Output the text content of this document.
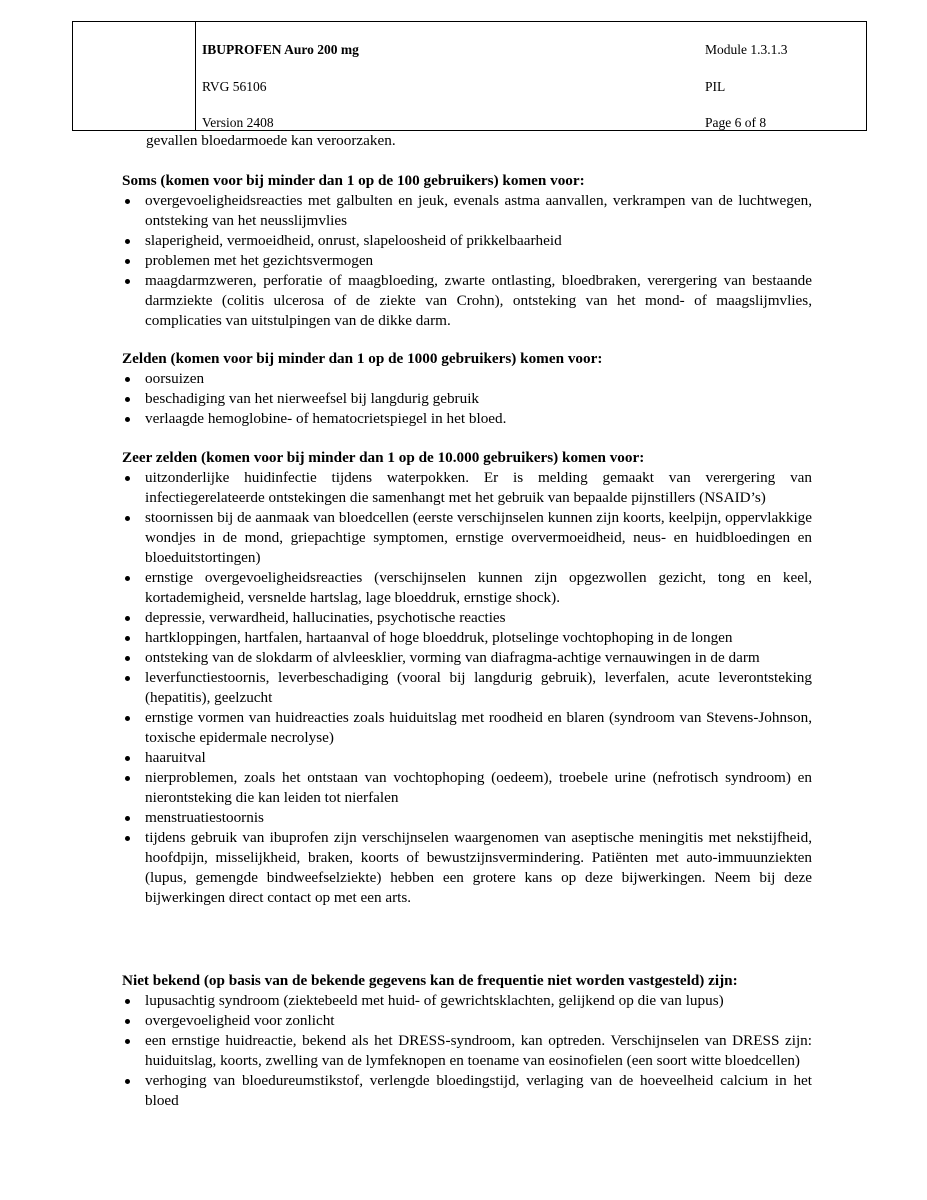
IBUPROFEN Auro 200 mg
RVG 56106
Version 2408
Module 1.3.1.3
PIL
Page 6 of 8
gevallen bloedarmoede kan veroorzaken.
Soms (komen voor bij minder dan 1 op de 100 gebruikers) komen voor:
overgevoeligheidsreacties met galbulten en jeuk, evenals astma aanvallen, verkrampen van de luchtwegen, ontsteking van het neusslijmvlies
slaperigheid, vermoeidheid, onrust, slapeloosheid of prikkelbaarheid
problemen met het gezichtsvermogen
maagdarmzweren, perforatie of maagbloeding, zwarte ontlasting, bloedbraken, verergering van bestaande darmziekte (colitis ulcerosa of de ziekte van Crohn), ontsteking van het mond- of maagslijmvlies, complicaties van uitstulpingen van de dikke darm.
Zelden (komen voor bij minder dan 1 op de 1000 gebruikers) komen voor:
oorsuizen
beschadiging van het nierweefsel bij langdurig gebruik
verlaagde hemoglobine- of hematocrietspiegel in het bloed.
Zeer zelden (komen voor bij minder dan 1 op de 10.000 gebruikers) komen voor:
uitzonderlijke huidinfectie tijdens waterpokken. Er is melding gemaakt van verergering van infectiegerelateerde ontstekingen die samenhangt met het gebruik van bepaalde pijnstillers (NSAID’s)
stoornissen bij de aanmaak van bloedcellen (eerste verschijnselen kunnen zijn koorts, keelpijn, oppervlakkige wondjes in de mond, griepachtige symptomen, ernstige oververmoeidheid, neus- en huidbloedingen en bloeduitstortingen)
ernstige overgevoeligheidsreacties (verschijnselen kunnen zijn opgezwollen gezicht, tong en keel, kortademigheid, versnelde hartslag, lage bloeddruk, ernstige shock).
depressie, verwardheid, hallucinaties, psychotische reacties
hartkloppingen, hartfalen, hartaanval of hoge bloeddruk, plotselinge vochtophoping in de longen
ontsteking van de slokdarm of alvleesklier, vorming van diafragma-achtige vernauwingen in de darm
leverfunctiestoornis, leverbeschadiging (vooral bij langdurig gebruik), leverfalen, acute leverontsteking (hepatitis), geelzucht
ernstige vormen van huidreacties zoals huiduitslag met roodheid en blaren (syndroom van Stevens-Johnson, toxische epidermale necrolyse)
haaruitval
nierproblemen, zoals het ontstaan van vochtophoping (oedeem), troebele urine (nefrotisch syndroom) en nierontsteking die kan leiden tot nierfalen
menstruatiestoornis
tijdens gebruik van ibuprofen zijn verschijnselen waargenomen van aseptische meningitis met nekstijfheid, hoofdpijn, misselijkheid, braken, koorts of bewustzijnsvermindering. Patiënten met auto-immuunziekten (lupus, gemengde bindweefselziekte) hebben een grotere kans op deze bijwerkingen. Neem bij deze bijwerkingen direct contact op met een arts.
Niet bekend (op basis van de bekende gegevens kan de frequentie niet worden vastgesteld) zijn:
lupusachtig syndroom (ziektebeeld met huid- of gewrichtsklachten, gelijkend op die van lupus)
overgevoeligheid voor zonlicht
een ernstige huidreactie, bekend als het DRESS-syndroom, kan optreden. Verschijnselen van DRESS zijn: huiduitslag, koorts, zwelling van de lymfeknopen en toename van eosinofielen (een soort witte bloedcellen)
verhoging van bloedureumstikstof, verlengde bloedingstijd, verlaging van de hoeveelheid calcium in het bloed
